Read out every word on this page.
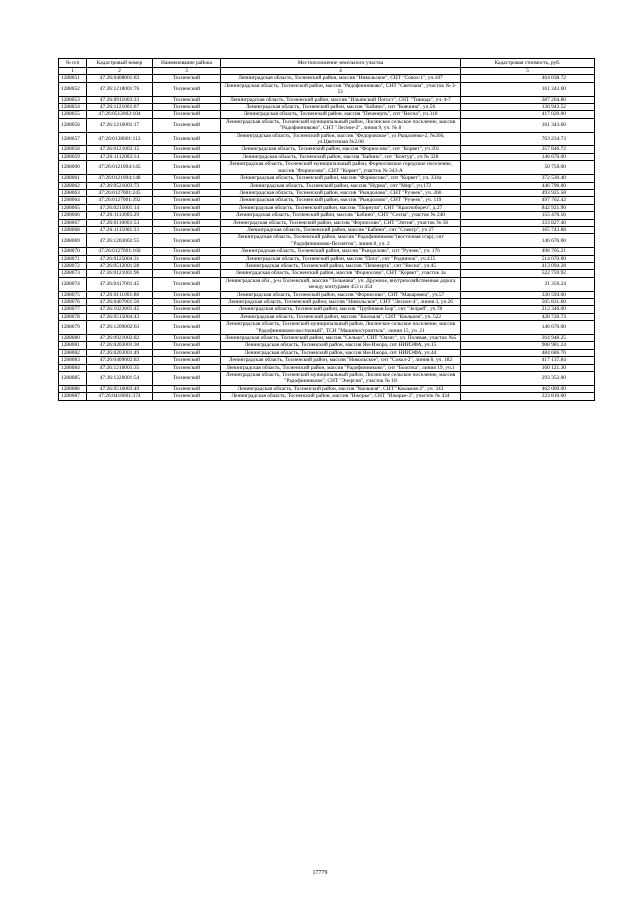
№ п/п	Кадастровый номер	Наименование района	Местоположение земельного участка	Кадастровая стоимость, руб.
1	2	3	4	5
1288051	47:26:0408001:83	Тосненский	Ленинградская область, Тосненский район, массив "Никольское", СНТ "Сокол-1", уч.187	464 038.72
1288052	47:26:1218001:76	Тосненский	Ленинградская область, Тосненский район, массив "Рядофинниково", СНТ "Светлана", участок № 3-51	161 343.60
1288053	47:26:0911003:33	Тосненский	Ленинградская область, Тосненский район, массив "Ильинский Погост", СНТ "Тишода", уч. 4-7	387 264.80
1288054	47:26:1121001:67	Тосненский	Ленинградская область, Тосненский район, массив "Бабино", снт "Ковчина", уч.56	136 943.52
1288055	47:26:0512002:104	Тосненский	Ленинградская область, Тосненский район, массив "Печенерть", снт "Весна", уч.310	417 020.00
1288056	47:26:1216001:17	Тосненский	Ленинградская область, Тосненский муниципальный район, Лисинское сельское поселение, массив "Радофинниково", СНТ "Лесное-2", линия 9, уч. № 8	161 343.60
1288057	47:26:0138001:112	Тосненский	Ленинградская область, Тосненский район, массив "Федоровское", ул Рыцаленко-2, №266, ул.Цветочная №2.08	763 234.73
1288058	47:26:0121003:15	Тосненский	Ленинградская область, Тосненский район, массив "Форносово", снт "Корвет", уч 201	357 846.72
1288059	47:26:1112003:14	Тосненский	Ленинградская область, Тосненский район, массив "Бабино", снт "Контур", уч № 328	146 676.00
1288060	47:26:0121004:145	Тосненский	Ленинградская область, Тосненский муниципальный район, Форносовское городское поселение, массив "Форносово", СНТ "Корвет", участок № 343-А	50 750.00
1288061	47:26:0121004:148	Тосненский	Ленинградская область, Тосненский район, массив "Форносово", снт "Корвет", уч. 334а	372 530.40
1288062	47:26:0521003:73	Тосненский	Ленинградская область, Тосненский район, массив "Нурма", снт "Мир", уч.172	446 790.00
1288063	47:26:0127001:245	Тосненский	Ленинградская область, Тосненский район, массив "Рындолово", СНТ "Ручеек", уч. 266	493 925.58
1288064	47:26:0127001:392	Тосненский	Ленинградская область, Тосненский район, массив "Рындолово", СНТ "Ручеек", уч. 119	497 702.42
1288065	47:26:0215001:14	Тосненский	Ленинградская область, Тосненский район, массив "Порнуля", СНТ "Краснобореч", д.27	842 921.90
1288066	47:26:1113005:29	Тосненский	Ленинградская область, Тосненский район, массив "Бабино", СНТ "Сосна", участок № 240	155 476.56
1288067	47:26:0110001:53	Тосненский	Ленинградская область, Тосненский район, массив "Форносово", СНТ "Энтия", участок № 56	333 827.40
1288068	47:26:1115001:33	Тосненский	Ленинградская область, Тосненский район, массив "Бабино", снт "Спектр", уч 27	165 743.88
1288069	47:26:1203002:55	Тосненский	Ленинградская область, Тосненский район, массив "Радофинниково"(восточная сгар), снт "Радофинниково-Песнятон", линия 8, уч. 2	146 676.00
1288070	47:26:0127001:160	Тосненский	Ленинградская область, Тосненский район, массив "Рындолово", снт "Ручеек", уч. 176	496 705.21
1288071	47:26:0125004:31	Тосненский	Ленинградская область, Тосненский район, массив "Погл", снт "Родничок", уч.415	514 070.00
1288072	47:26:0512001:28	Тосненский	Ленинградская область, Тосненский район, массив "Печенерть", снт "Весна", уч.45	413 094.28
1288073	47:26:0121001:96	Тосненский	Ленинградская область, Тосненский район, массив "Форносово", СНТ "Корвет", участок 3а	522 759.92
1288074	47:26:0417001:45	Тосненский	Ленинградская обл., р-н Тосненский, массив "Тельмана", уч. Дружное, внутрихозяйственная дорога между контурами 453 и 454	31 350.24
1288075	47:26:0111001:88	Тосненский	Ленинградская область, Тосненский район, массив "Форносово", СНТ "Макаровец", уч.57	330 594.00
1288076	47:26:0407001:50	Тосненский	Ленинградская область, Тосненский район, массив "Никольское", СНТ "Лесное-4", линия 3, уч.26	505 831.60
1288077	47:26:1023001:45	Тосненский	Ленинградская область, Тосненский район, массив "Трубников Бор", снт "Зелрей", уч.78	212 346.00
1288078	47:26:0515004:43	Тосненский	Ленинградская область, Тосненский район, массив "Кюльяля", СНТ "Кюльяля", уч. 522	428 720.73
1288079	47:26:1209002:63	Тосненский	Ленинградская область, Тосненский муниципальный район, Лисинское сельское поселение, массив "Радофинниково-восточный", ТСН "Машиностроитель", линия 15, уч. 21	146 676.00
1288080	47:26:0921002:82	Тосненский	Ленинградская область, Тосненский район, массив "Сельцо", СНТ "Оазис", ул. Полевая, участок №5	264 948.25
1288081	47:26:0203001:30	Тосненский	Ленинградская область, Тосненский район, массив Ям-Ижора, снт НИИЭФА, уч.15	908 981.24
1288082	47:26:0203001:49	Тосненский	Ленинградская область, Тосненский район, массив Ям-Ижора, снт НИИЭФА, уч.44	484 686.76
1288083	47:26:0409002:83	Тосненский	Ленинградская область, Тосненский район, массив "Никольское", снт "Сокол-2", линия 8, уч. 182	417 137.84
1288084	47:26:1210003:35	Тосненский	Ленинградская область, Тосненский район, массив "Радофинниково", снт "Болотка", линия 19, уч.1	160 121.30
1288085	47:26:1220001:54	Тосненский	Ленинградская область, Тосненский муниципальный район, Лисинское сельское поселение, массив "Радофинниково", СНТ "Энергия", участок № 18	293 352.00
1288086	47:26:0516003:49	Тосненский	Ленинградская область, Тосненский район, массив "Кюльяля", СНТ "Кюльяля-2", уч. 343	462 000.00
1288087	47:26:0416001:374	Тосненский	Ленинградская область, Тосненский район, массив "Ижорье", СНТ "Ижорье-3", участок № 434	333 810.00
17779
